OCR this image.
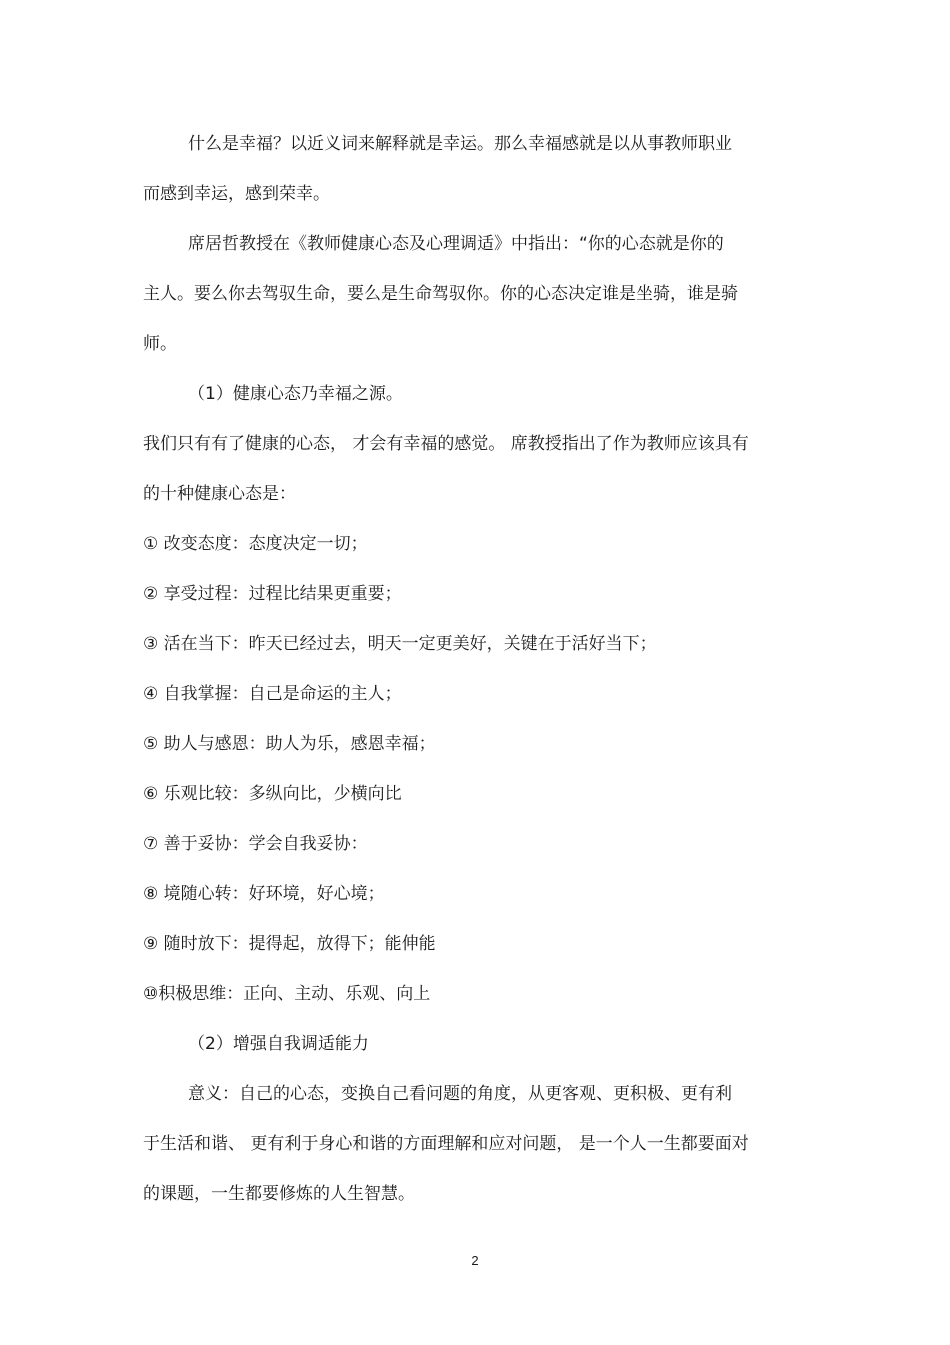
什么是幸福？以近义词来解释就是幸运。那么幸福感就是以从事教师职业
而感到幸运，感到荣幸。
席居哲教授在《教师健康心态及心理调适》中指出：“你的心态就是你的
主人。要么你去驾驭生命，要么是生命驾驭你。你的心态决定谁是坐骑，谁是骑
师。
（1）健康心态乃幸福之源。
我们只有有了健康的心态， 才会有幸福的感觉。 席教授指出了作为教师应该具有
的十种健康心态是：
① 改变态度：态度决定一切；
② 享受过程：过程比结果更重要；
③ 活在当下：昨天已经过去，明天一定更美好，关键在于活好当下；
④ 自我掌握：自己是命运的主人；
⑤ 助人与感恩：助人为乐，感恩幸福；
⑥ 乐观比较：多纵向比，少横向比
⑦ 善于妥协：学会自我妥协：
⑧ 境随心转：好环境，好心境；
⑨ 随时放下：提得起，放得下；能伸能
⑩积极思维：正向、主动、乐观、向上
（2）增强自我调适能力
意义：自己的心态，变换自己看问题的角度，从更客观、更积极、更有利
于生活和谐、 更有利于身心和谐的方面理解和应对问题， 是一个人一生都要面对
的课题，一生都要修炼的人生智慧。
2
